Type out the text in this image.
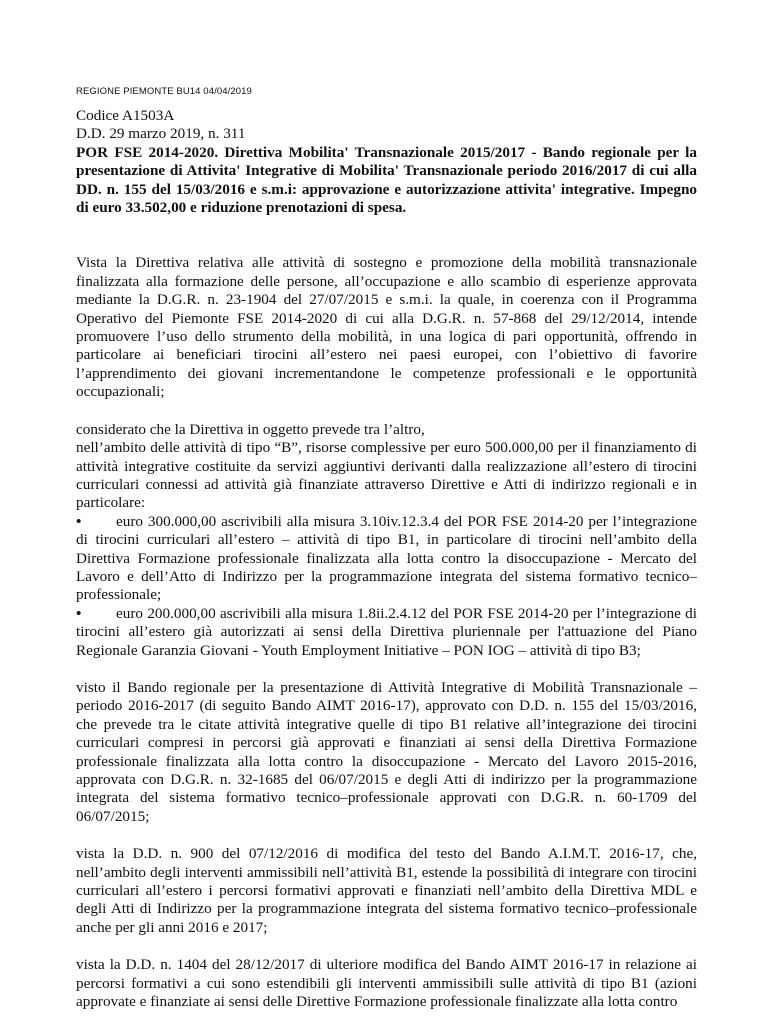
REGIONE PIEMONTE BU14 04/04/2019

Codice A1503A

D.D. 29 marzo 2019, n. 311

POR FSE 2014-2020. Direttiva Mobilita' Transnazionale 2015/2017 - Bando regionale per la presentazione di Attivita' Integrative di Mobilita' Transnazionale periodo 2016/2017 di cui alla DD. n. 155 del 15/03/2016 e s.m.i: approvazione e autorizzazione attivita' integrative. Impegno di euro 33.502,00 e riduzione prenotazioni di spesa.

Vista la Direttiva relativa alle attività di sostegno e promozione della mobilità transnazionale finalizzata alla formazione delle persone, all’occupazione e allo scambio di esperienze approvata mediante la D.G.R. n. 23-1904 del 27/07/2015 e s.m.i. la quale, in coerenza con il Programma Operativo del Piemonte FSE 2014-2020 di cui alla D.G.R. n. 57-868 del 29/12/2014, intende promuovere l’uso dello strumento della mobilità, in una logica di pari opportunità, offrendo in particolare ai beneficiari tirocini all’estero nei paesi europei, con l’obiettivo di favorire l’apprendimento dei giovani incrementandone le competenze professionali e le opportunità occupazionali;

considerato che la Direttiva in oggetto prevede tra l’altro,

nell’ambito delle attività di tipo “B”, risorse complessive per euro 500.000,00 per il finanziamento di attività integrative costituite da servizi aggiuntivi derivanti dalla realizzazione all’estero di tirocini curriculari connessi ad attività già finanziate attraverso Direttive e Atti di indirizzo regionali e in particolare:

• euro 300.000,00 ascrivibili alla misura 3.10iv.12.3.4 del POR FSE 2014-20 per l’integrazione di tirocini curriculari all’estero – attività di tipo B1, in particolare di tirocini nell’ambito della Direttiva Formazione professionale finalizzata alla lotta contro la disoccupazione - Mercato del Lavoro e dell’Atto di Indirizzo per la programmazione integrata del sistema formativo tecnico–professionale;

• euro 200.000,00 ascrivibili alla misura 1.8ii.2.4.12 del POR FSE 2014-20 per l’integrazione di tirocini all’estero già autorizzati ai sensi della Direttiva pluriennale per l'attuazione del Piano Regionale Garanzia Giovani - Youth Employment Initiative – PON IOG – attività di tipo B3;

visto il Bando regionale per la presentazione di Attività Integrative di Mobilità Transnazionale – periodo 2016-2017 (di seguito Bando AIMT 2016-17), approvato con D.D. n. 155 del 15/03/2016, che prevede tra le citate attività integrative quelle di tipo B1 relative all’integrazione dei tirocini curriculari compresi in percorsi già approvati e finanziati ai sensi della Direttiva Formazione professionale finalizzata alla lotta contro la disoccupazione - Mercato del Lavoro 2015-2016, approvata con D.G.R. n. 32-1685 del 06/07/2015 e degli Atti di indirizzo per la programmazione integrata del sistema formativo tecnico–professionale approvati con D.G.R. n. 60-1709 del 06/07/2015;

vista la D.D. n. 900 del 07/12/2016 di modifica del testo del Bando A.I.M.T. 2016-17, che, nell’ambito degli interventi ammissibili nell’attività B1, estende la possibilità di integrare con tirocini curriculari all’estero i percorsi formativi approvati e finanziati nell’ambito della Direttiva MDL e degli Atti di Indirizzo per la programmazione integrata del sistema formativo tecnico–professionale anche per gli anni 2016 e 2017;

vista la D.D. n. 1404 del 28/12/2017 di ulteriore modifica del Bando AIMT 2016-17 in relazione ai percorsi formativi a cui sono estendibili gli interventi ammissibili sulle attività di tipo B1 (azioni approvate e finanziate ai sensi delle Direttive Formazione professionale finalizzate alla lotta contro
